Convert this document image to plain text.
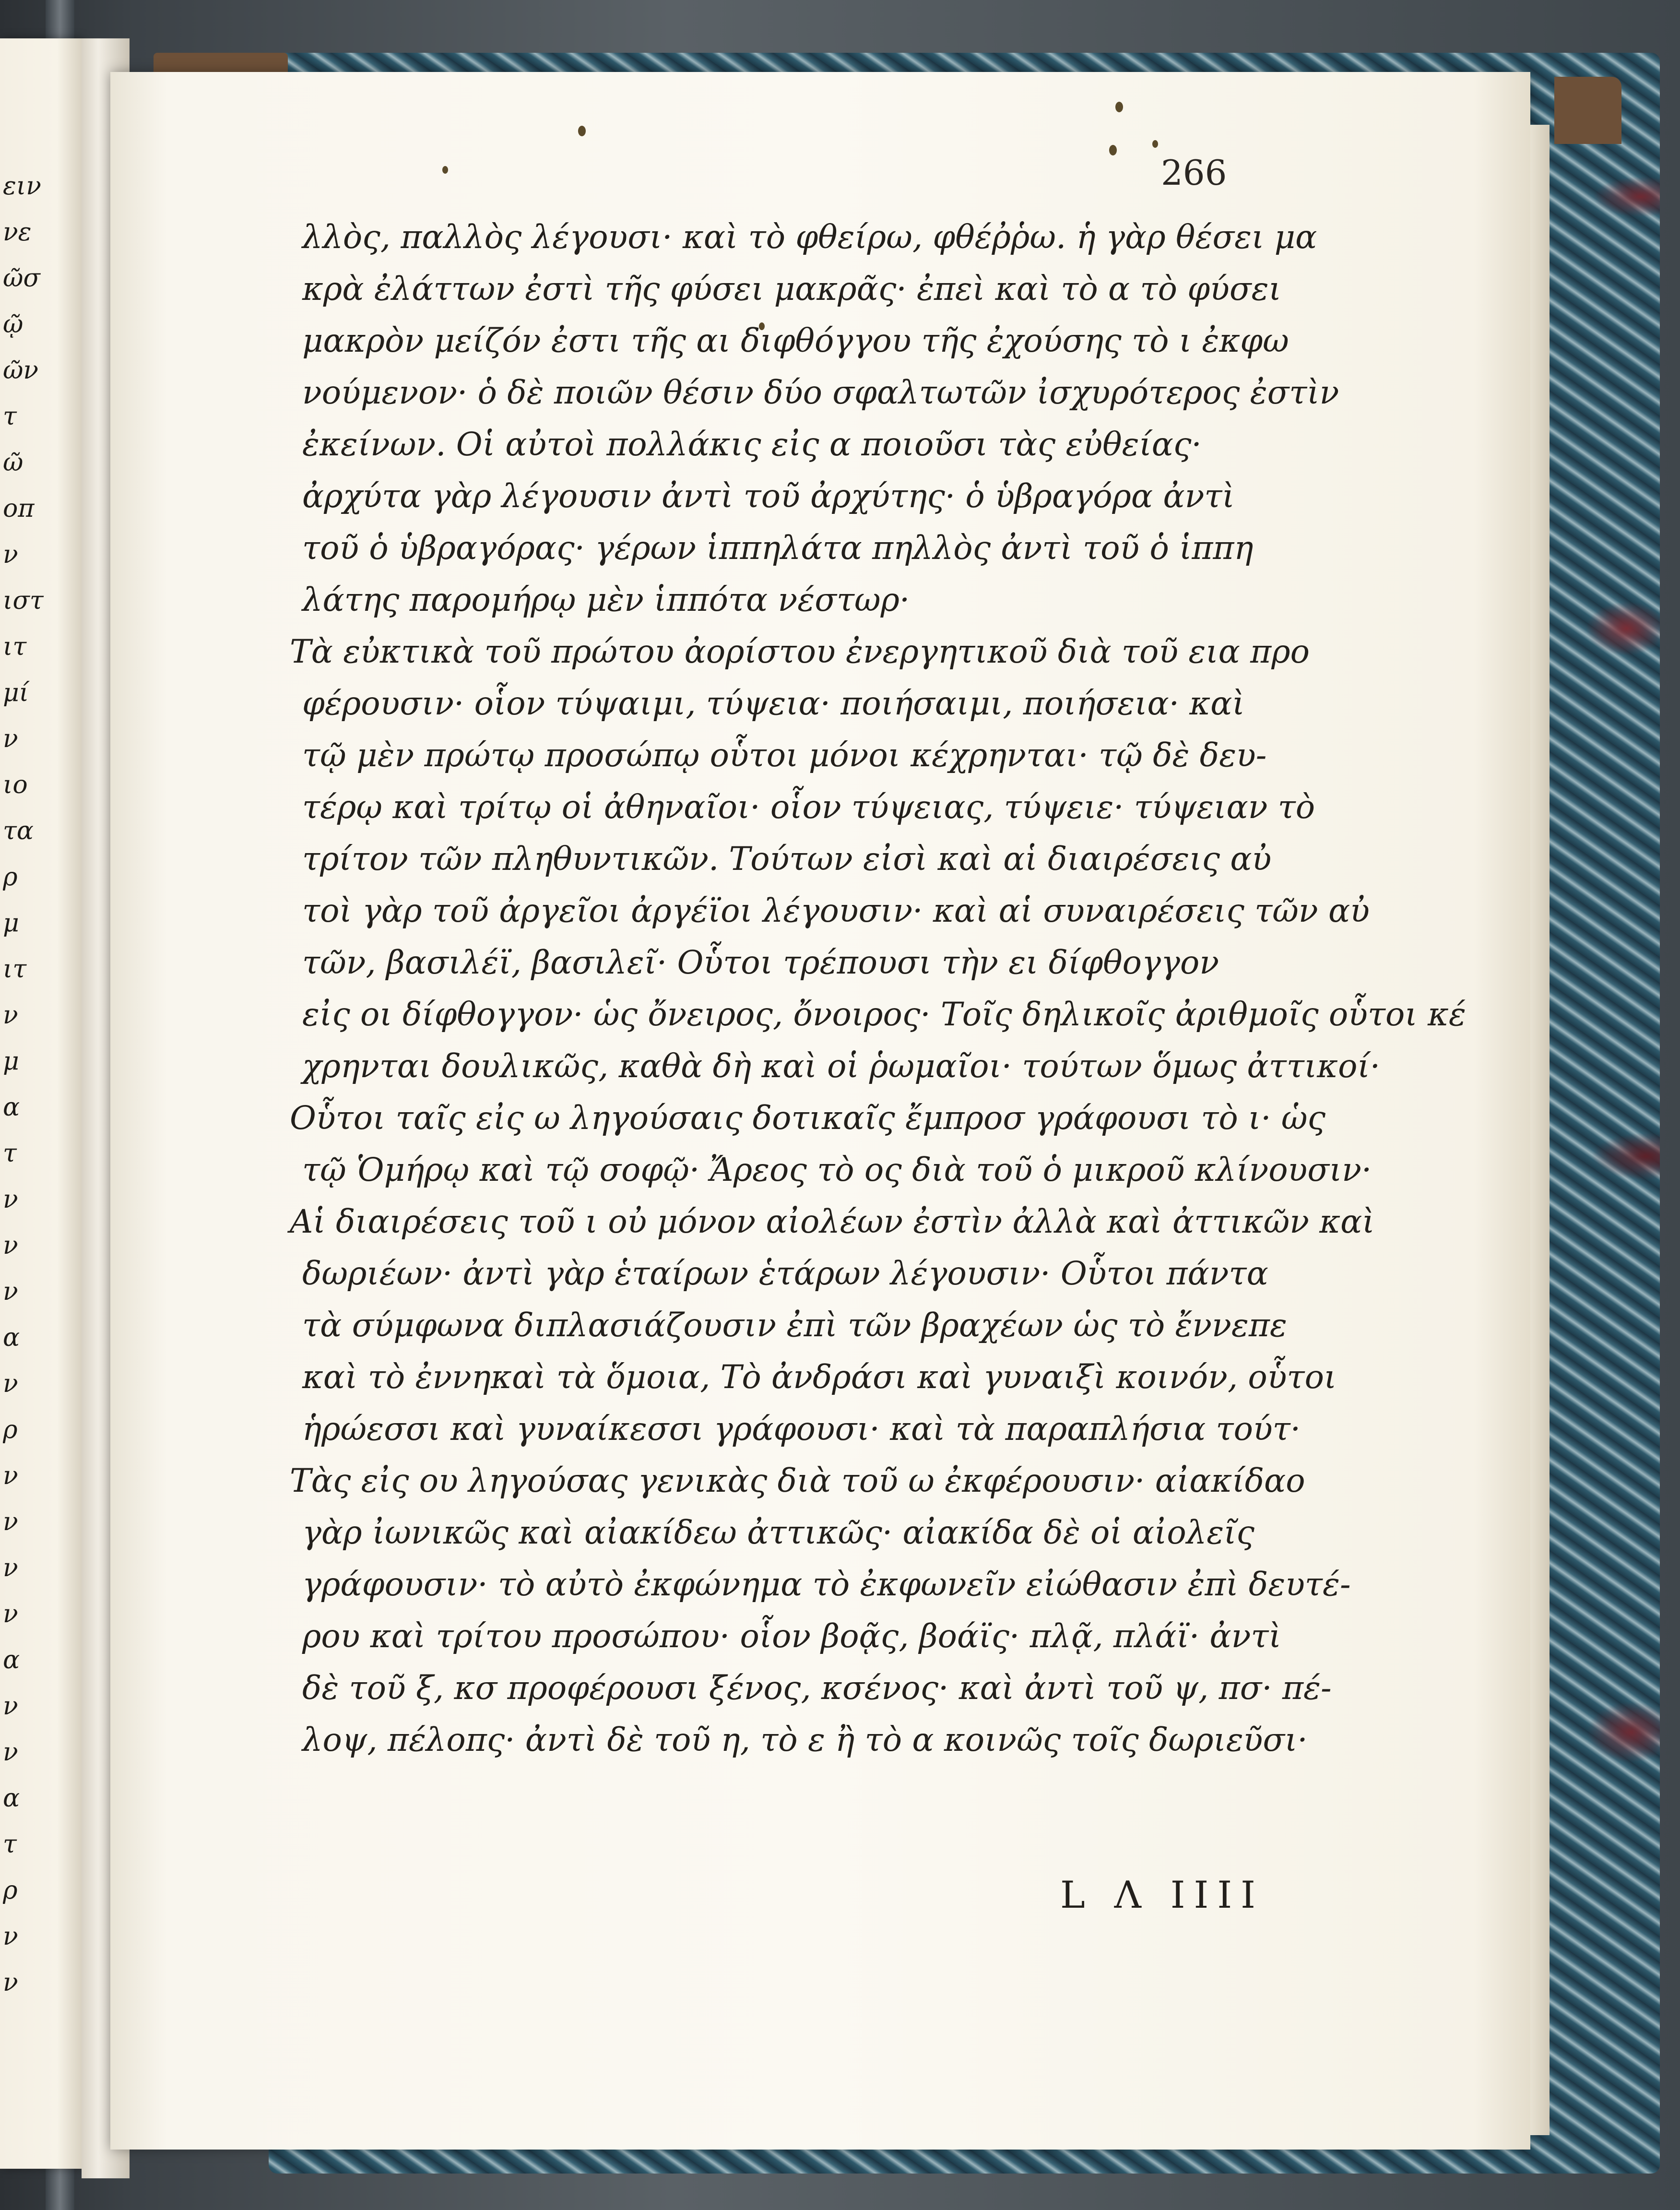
ειν
νε
ῶσ
ῷ
ῶν
τ
ῶ
οπ
ν
ιστ
ιτ
μί
ν
ιο
τα
ρ
μ
ιτ
ν
μ
α
τ
ν
ν
ν
α
ν
ρ
ν
ν
ν
ν
α
ν
ν
α
τ
ρ
ν
ν
266
λλὸς, παλλὸς λέγουσι· καὶ τὸ φθείρω, φθέῤῥω. ἡ γὰρ θέσει μα
κρὰ ἐλάττων ἐστὶ τῆς φύσει μακρᾶς· ἐπεὶ καὶ τὸ α τὸ φύσει
μακρὸν μείζόν ἐστι τῆς αι διφθόγγου τῆς ἐχούσης τὸ ι ἐκφω
νούμενον· ὁ δὲ ποιῶν θέσιν δύο σφαλτωτῶν ἰσχυρότερος ἐστὶν
ἐκείνων. Οἱ αὐτοὶ πολλάκις εἰς α ποιοῦσι τὰς εὐθείας·
ἀρχύτα γὰρ λέγουσιν ἀντὶ τοῦ ἀρχύτης· ὁ ὑβραγόρα ἀντὶ
τοῦ ὁ ὑβραγόρας· γέρων ἱππηλάτα πηλλὸς ἀντὶ τοῦ ὁ ἱππη
λάτης παρομήρῳ μὲν ἱππότα νέστωρ·
Τὰ εὐκτικὰ τοῦ πρώτου ἀορίστου ἐνεργητικοῦ διὰ τοῦ εια προ
φέρουσιν· οἷον τύψαιμι, τύψεια· ποιήσαιμι, ποιήσεια· καὶ
τῷ μὲν πρώτῳ προσώπῳ οὗτοι μόνοι κέχρηνται· τῷ δὲ δευ-
τέρῳ καὶ τρίτῳ οἱ ἀθηναῖοι· οἷον τύψειας, τύψειε· τύψειαν τὸ
τρίτον τῶν πληθυντικῶν. Τούτων εἰσὶ καὶ αἱ διαιρέσεις αὐ
τοὶ γὰρ τοῦ ἀργεῖοι ἀργέϊοι λέγουσιν· καὶ αἱ συναιρέσεις τῶν αὐ
τῶν, βασιλέϊ, βασιλεῖ· Οὗτοι τρέπουσι τὴν ει δίφθογγον
εἰς οι δίφθογγον· ὡς ὄνειρος, ὄνοιρος· Τοῖς δηλικοῖς ἀριθμοῖς οὗτοι κέ
χρηνται δουλικῶς, καθὰ δὴ καὶ οἱ ῥωμαῖοι· τούτων ὅμως ἀττικοί·
Οὗτοι ταῖς εἰς ω ληγούσαις δοτικαῖς ἔμπροσ γράφουσι τὸ ι· ὡς
τῷ Ὁμήρῳ καὶ τῷ σοφῷ· Ἄρεος τὸ ος διὰ τοῦ ὁ μικροῦ κλίνουσιν·
Αἱ διαιρέσεις τοῦ ι οὐ μόνον αἰολέων ἐστὶν ἀλλὰ καὶ ἀττικῶν καὶ
δωριέων· ἀντὶ γὰρ ἑταίρων ἑτάρων λέγουσιν· Οὗτοι πάντα
τὰ σύμφωνα διπλασιάζουσιν ἐπὶ τῶν βραχέων ὡς τὸ ἔννεπε
καὶ τὸ ἐννηκαὶ τὰ ὅμοια, Τὸ ἀνδράσι καὶ γυναιξὶ κοινόν, οὗτοι
ἡρώεσσι καὶ γυναίκεσσι γράφουσι· καὶ τὰ παραπλήσια τούτ·
Τὰς εἰς ου ληγούσας γενικὰς διὰ τοῦ ω ἐκφέρουσιν· αἰακίδαο
γὰρ ἰωνικῶς καὶ αἰακίδεω ἀττικῶς· αἰακίδα δὲ οἱ αἰολεῖς
γράφουσιν· τὸ αὐτὸ ἐκφώνημα τὸ ἐκφωνεῖν εἰώθασιν ἐπὶ δευτέ-
ρου καὶ τρίτου προσώπου· οἷον βοᾷς, βοάϊς· πλᾷ, πλάϊ· ἀντὶ
δὲ τοῦ ξ, κσ προφέρουσι ξένος, κσένος· καὶ ἀντὶ τοῦ ψ, πσ· πέ-
λοψ, πέλοπς· ἀντὶ δὲ τοῦ η, τὸ ε ἢ τὸ α κοινῶς τοῖς δωριεῦσι·
L Λ IIII
